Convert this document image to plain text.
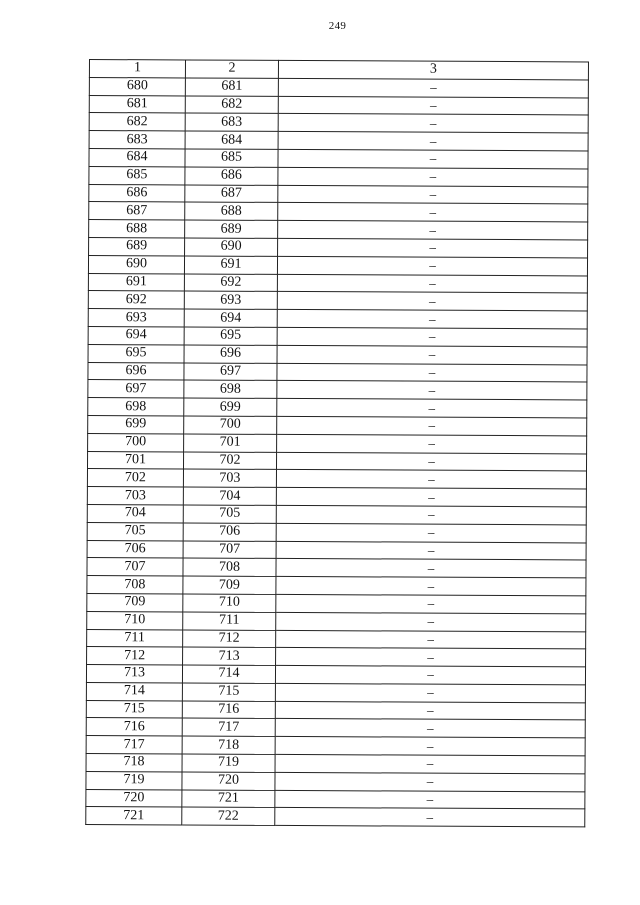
249
1	2	3
680	681	–
681	682	–
682	683	–
683	684	–
684	685	–
685	686	–
686	687	–
687	688	–
688	689	–
689	690	–
690	691	–
691	692	–
692	693	–
693	694	–
694	695	–
695	696	–
696	697	–
697	698	–
698	699	–
699	700	–
700	701	–
701	702	–
702	703	–
703	704	–
704	705	–
705	706	–
706	707	–
707	708	–
708	709	–
709	710	–
710	711	–
711	712	–
712	713	–
713	714	–
714	715	–
715	716	–
716	717	–
717	718	–
718	719	–
719	720	–
720	721	–
721	722	–
